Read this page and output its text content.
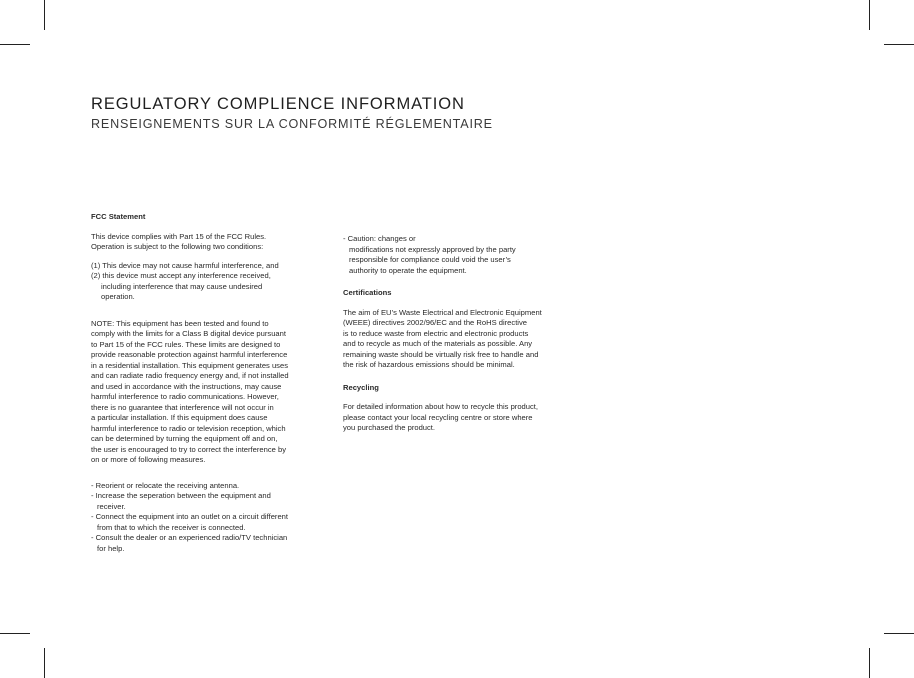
REGULATORY COMPLIENCE INFORMATION
RENSEIGNEMENTS SUR LA CONFORMITÉ RÉGLEMENTAIRE
FCC Statement

This device complies with Part 15 of the FCC Rules.

Operation is subject to the following two conditions:

(1) This device may not cause harmful interference, and
(2) this device must accept any interference received,
including interference that may cause undesired
operation.

NOTE: This equipment has been tested and found to

comply with the limits for a Class B digital device pursuant

to Part 15 of the FCC rules. These limits are designed to

provide reasonable protection against harmful interference

in a residential installation. This equipment generates uses

and can radiate radio frequency energy and, if not installed

and used in accordance with the instructions, may cause

harmful interference to radio communications. However,

there is no guarantee that interference will not occur in

a particular installation. If this equipment does cause

harmful interference to radio or television reception, which

can be determined by turning the equipment off and on,

the user is encouraged to try to correct the interference by

on or more of following measures.

- Reorient or relocate the receiving antenna.
- Increase the seperation between the equipment and
receiver.
- Connect the equipment into an outlet on a circuit different
from that to which the receiver is connected.
- Consult the dealer or an experienced radio/TV technician
for help.

- Caution: changes or

modifications not expressly approved by the party

responsible for compliance could void the user’s

authority to operate the equipment.

Certifications

The aim of EU’s Waste Electrical and Electronic Equipment

(WEEE) directives 2002/96/EC and the RoHS directive

is to reduce waste from electric and electronic products

and to recycle as much of the materials as possible. Any

remaining waste should be virtually risk free to handle and

the risk of hazardous emissions should be minimal.

Recycling

For detailed information about how to recycle this product,

please contact your local recycling centre or store where

you purchased the product.
